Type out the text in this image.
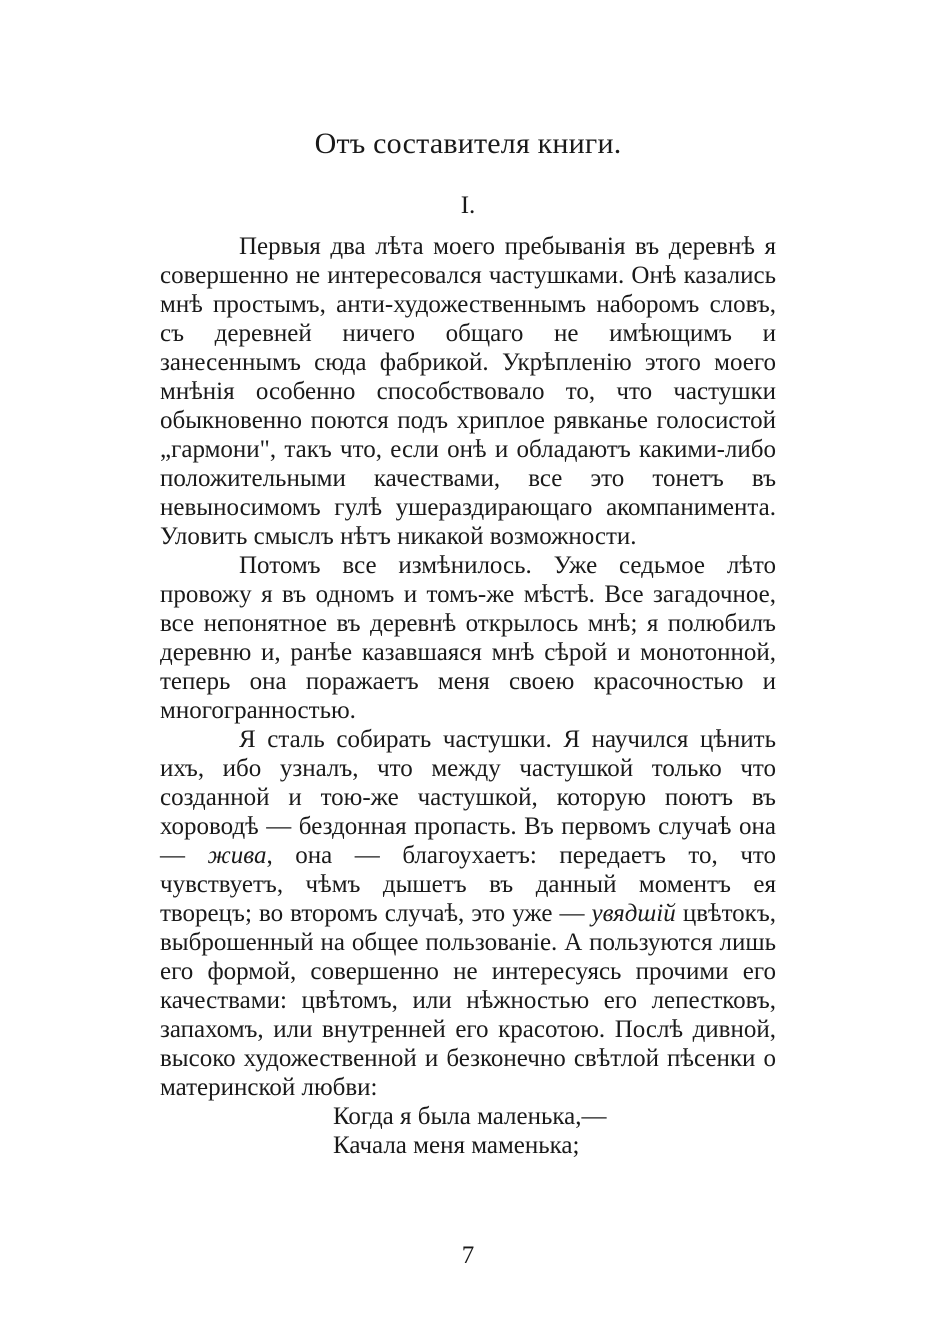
Отъ составителя книги.
I.

Первыя два лѣта моего пребыванія въ деревнѣ я совершенно не интересовался частушками. Онѣ казались мнѣ простымъ, анти-художественнымъ наборомъ словъ, съ деревней ничего общаго не имѣющимъ и занесеннымъ сюда фабрикой. Укрѣпленію этого моего мнѣнія особенно способствовало то, что частушки обыкновенно поются подъ хриплое рявканье голосистой „гармони", такъ что, если онѣ и обладаютъ какими-либо положительными качествами, все это тонетъ въ невыносимомъ гулѣ ушераздирающаго акомпанимента. Уловить смыслъ нѣтъ никакой возможности.

Потомъ все измѣнилось. Уже седьмое лѣто провожу я въ одномъ и томъ-же мѣстѣ. Все загадочное, все непонятное въ деревнѣ открылось мнѣ; я полюбилъ деревню и, ранѣе казавшаяся мнѣ сѣрой и монотонной, теперь она поражаетъ меня своею красочностью и многогранностью.

Я сталь собирать частушки. Я научился цѣнить ихъ, ибо узналъ, что между частушкой только что созданной и тою-же частушкой, которую поютъ въ хороводѣ — бездонная пропасть. Въ первомъ случаѣ она — жива, она — благоухаетъ: передаетъ то, что чувствуетъ, чѣмъ дышетъ въ данный моментъ ея творецъ; во второмъ случаѣ, это уже — увядшій цвѣтокъ, выброшенный на общее пользованіе. А пользуются лишь его формой, совершенно не интересуясь прочими его качествами: цвѣтомъ, или нѣжностью его лепестковъ, запахомъ, или внутренней его красотою. Послѣ дивной, высоко художественной и безконечно свѣтлой пѣсенки о материнской любви:

Когда я была маленька,—
Качала меня маменька;
7
